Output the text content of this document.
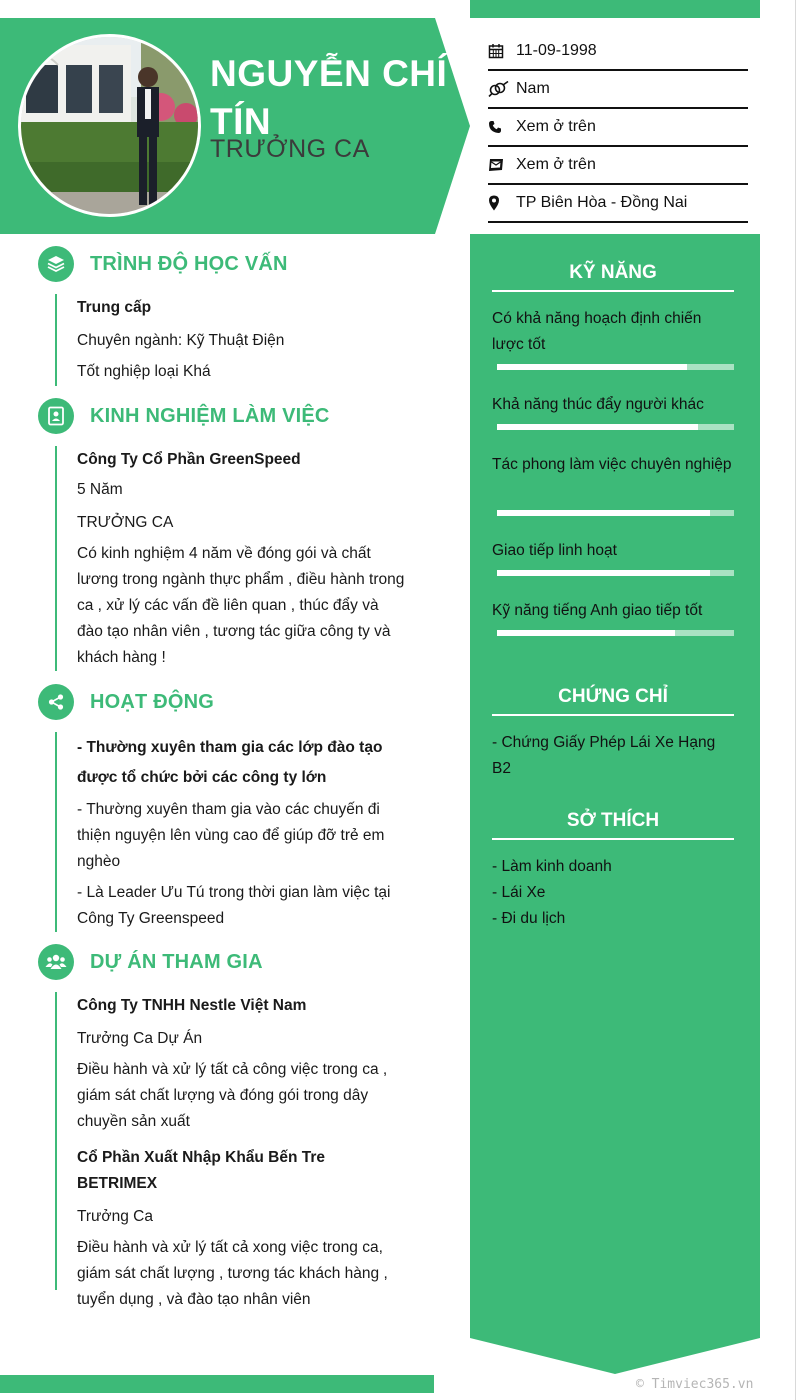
NGUYỄN CHÍ TÍN
TRƯỞNG CA
11-09-1998
Nam
Xem ở trên
Xem ở trên
TP Biên Hòa - Đồng Nai
TRÌNH ĐỘ HỌC VẤN

Trung cấp

Chuyên ngành: Kỹ Thuật Điện

Tốt nghiệp loại Khá

KINH NGHIỆM LÀM VIỆC

Công Ty Cổ Phần GreenSpeed

5 Năm

TRƯỞNG CA

Có kinh nghiệm 4 năm về đóng gói và chất lương trong ngành thực phẩm , điều hành trong ca , xử lý các vấn đề liên quan , thúc đẩy và đào tạo nhân viên , tương tác giữa công ty và khách hàng !

HOẠT ĐỘNG

- Thường xuyên tham gia các lớp đào tạo được tổ chức bởi các công ty lớn

- Thường xuyên tham gia vào các chuyến đi thiện nguyện lên vùng cao để giúp đỡ trẻ em nghèo

- Là Leader Ưu Tú trong thời gian làm việc tại Công Ty Greenspeed

DỰ ÁN THAM GIA

Công Ty TNHH Nestle Việt Nam

Trưởng Ca Dự Án

Điều hành và xử lý tất cả công việc trong ca , giám sát chất lượng và đóng gói trong dây chuyền sản xuất

Cổ Phần Xuất Nhập Khẩu Bến Tre BETRIMEX

Trưởng Ca

Điều hành và xử lý tất cả xong việc trong ca, giám sát chất lượng , tương tác khách hàng , tuyển dụng , và đào tạo nhân viên

KỸ NĂNG
Có khả năng hoạch định chiến lược tốt
Khả năng thúc đẩy người khác
Tác phong làm việc chuyên nghiệp
Giao tiếp linh hoạt
Kỹ năng tiếng Anh giao tiếp tốt
CHỨNG CHỈ
- Chứng Giấy Phép Lái Xe Hạng B2
SỞ THÍCH
- Làm kinh doanh
- Lái Xe
- Đi du lịch
© Timviec365.vn
